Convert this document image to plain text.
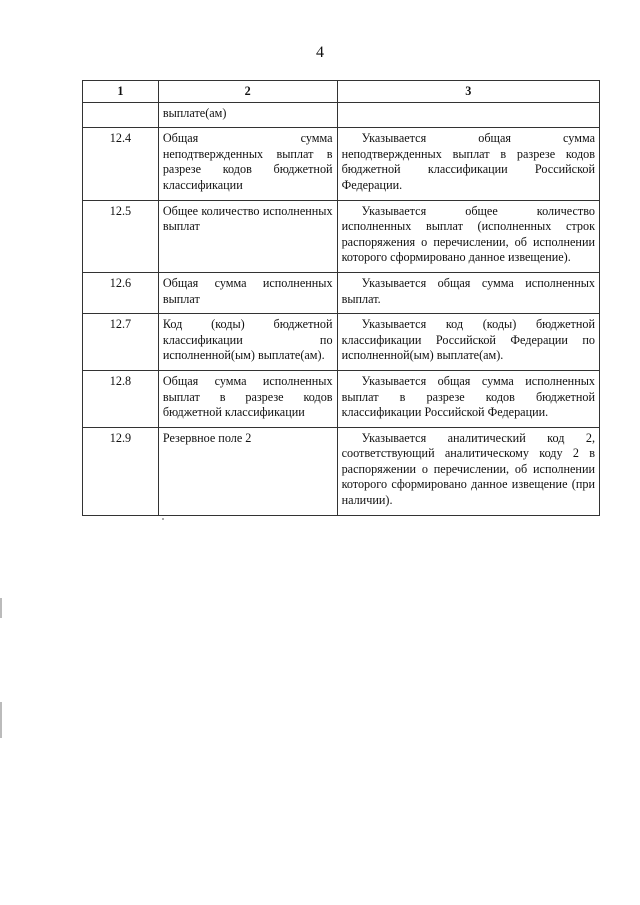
4
1	2	3
	выплате(ам)	
12.4	Общая сумма неподтвержденных выплат в разрезе кодов бюджетной классификации	Указывается общая сумма неподтвержденных выплат в разрезе кодов бюджетной классификации Российской Федерации.
12.5	Общее количество исполненных выплат	Указывается общее количество исполненных выплат (исполненных строк распоряжения о перечислении, об исполнении которого сформировано данное извещение).
12.6	Общая сумма исполненных выплат	Указывается общая сумма исполненных выплат.
12.7	Код (коды) бюджетной классификации по исполненной(ым) выплате(ам).	Указывается код (коды) бюджетной классификации Российской Федерации по исполненной(ым) выплате(ам).
12.8	Общая сумма исполненных выплат в разрезе кодов бюджетной классификации	Указывается общая сумма исполненных выплат в разрезе кодов бюджетной классификации Российской Федерации.
12.9	Резервное поле 2	Указывается аналитический код 2, соответствующий аналитическому коду 2 в распоряжении о перечислении, об исполнении которого сформировано данное извещение (при наличии).
